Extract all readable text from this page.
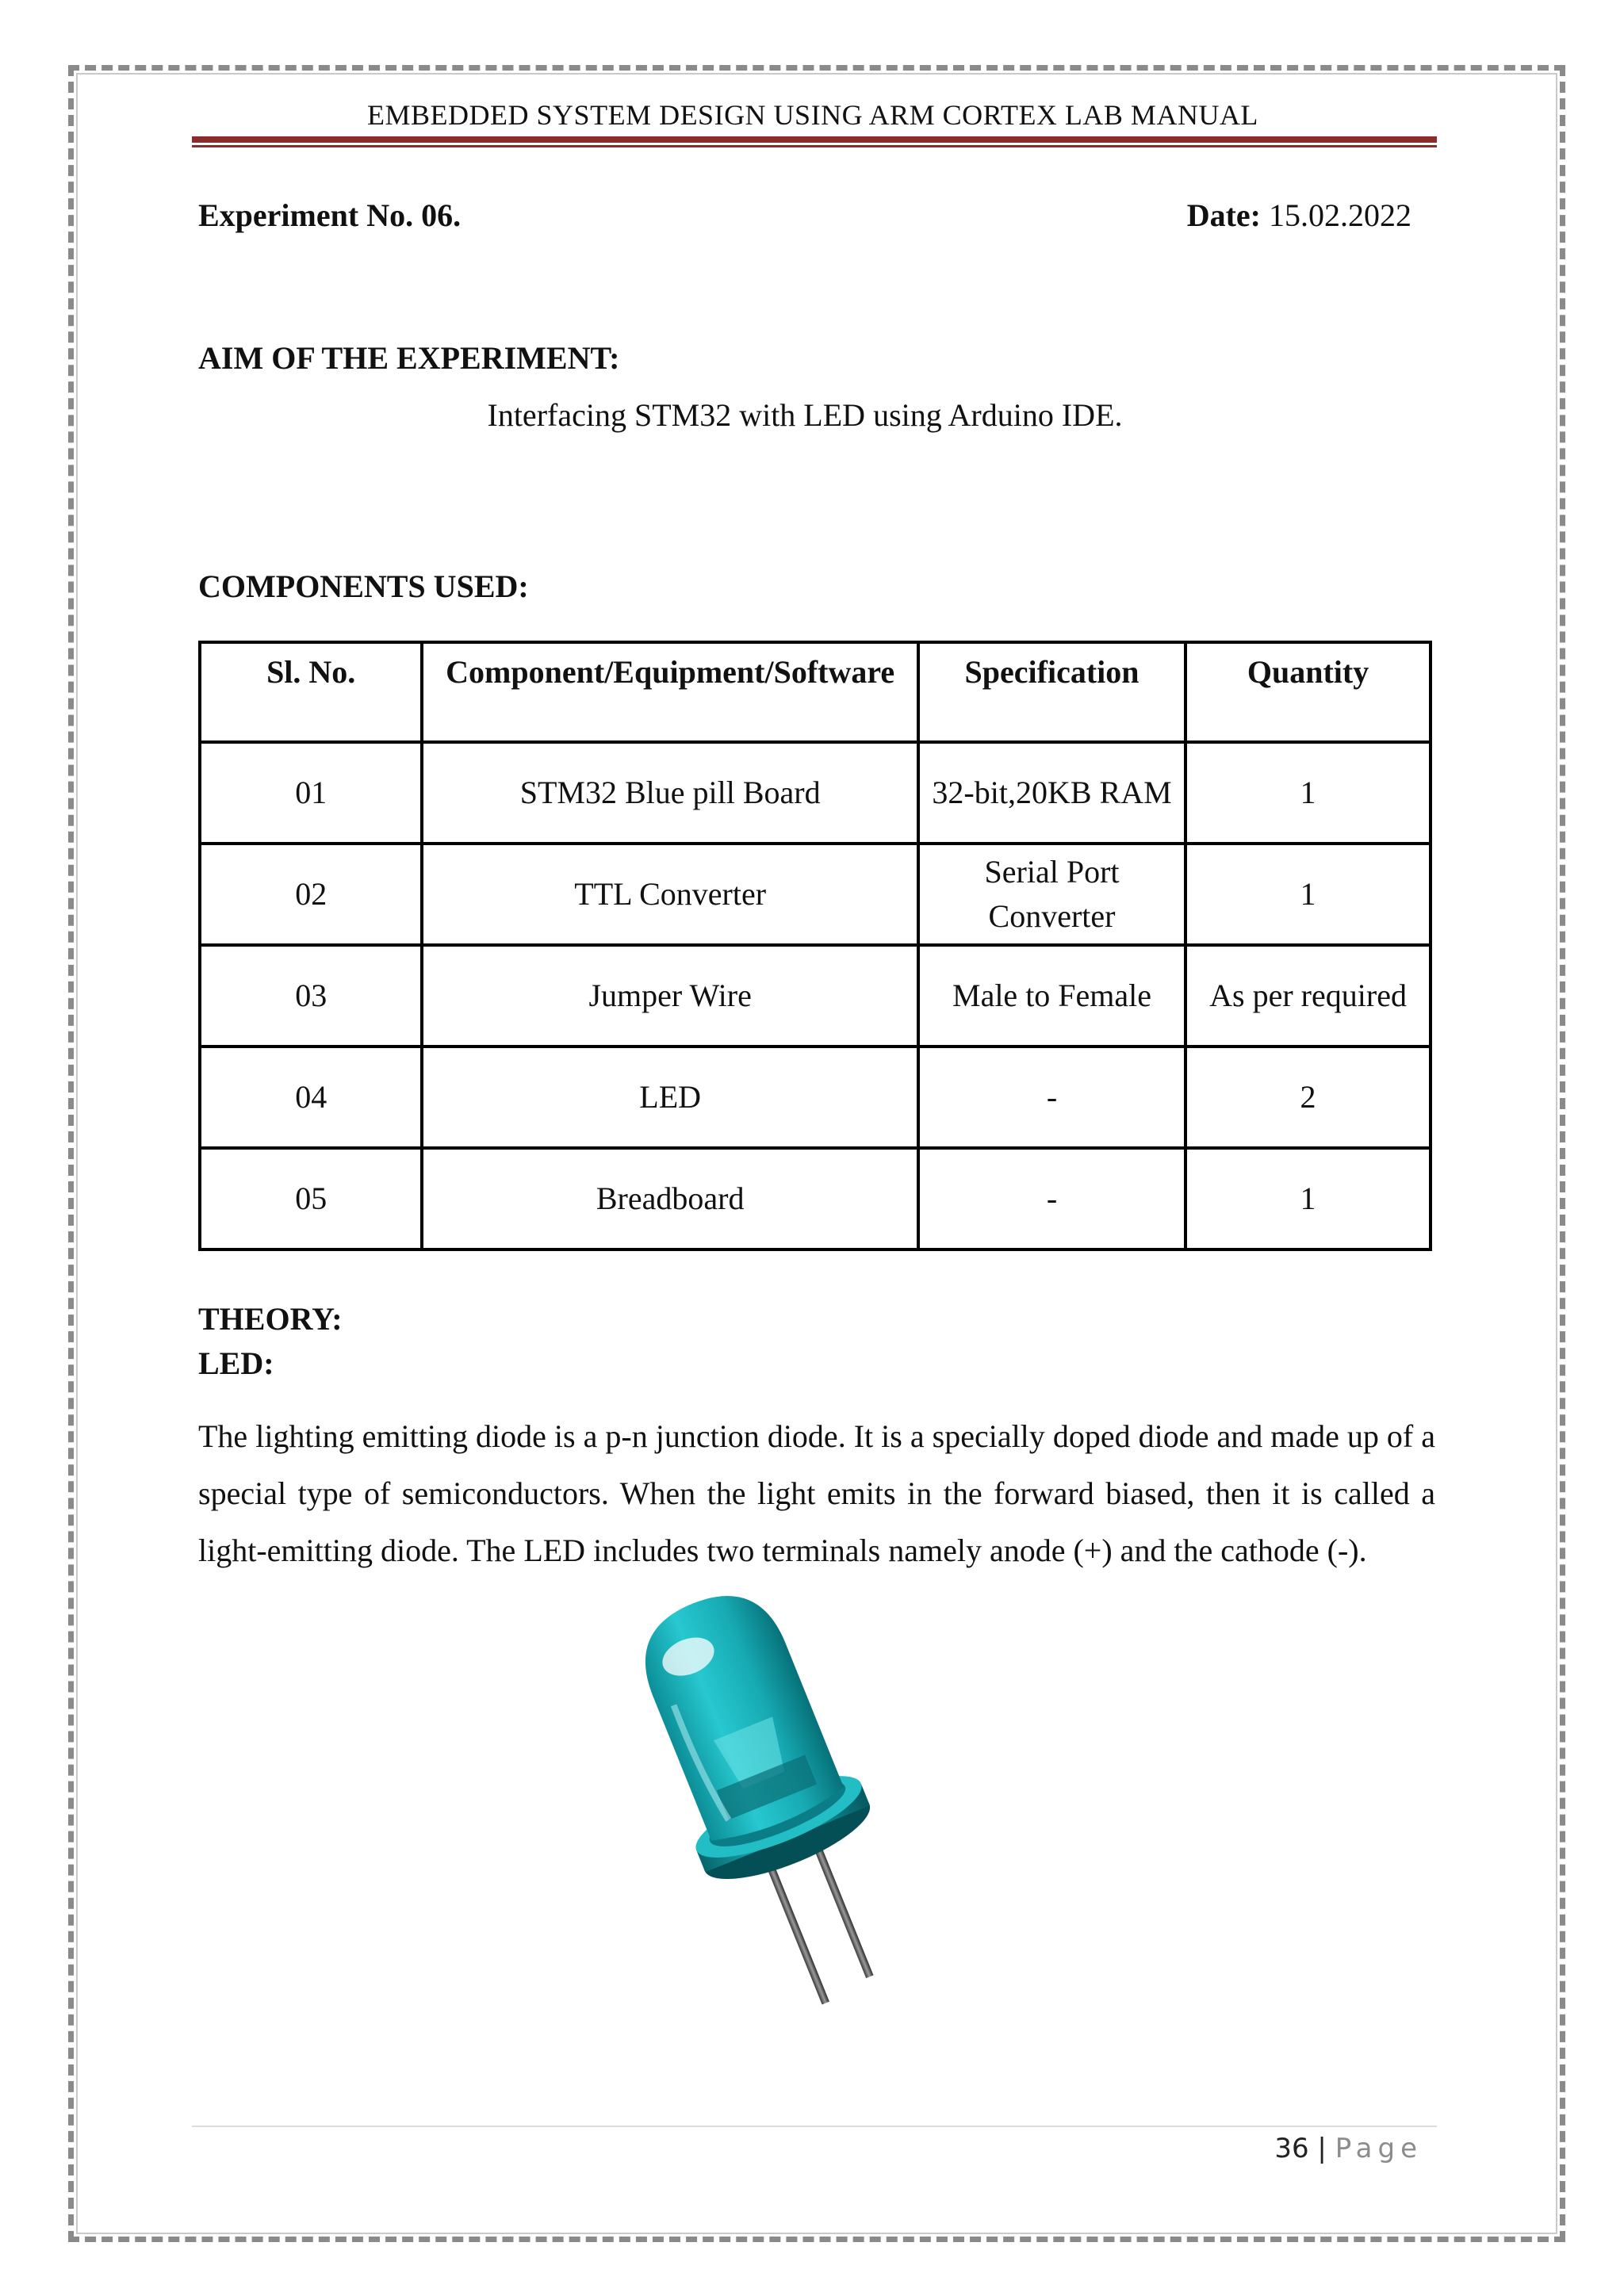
EMBEDDED SYSTEM DESIGN USING ARM CORTEX LAB MANUAL
Experiment No. 06.	Date: 15.02.2022
AIM OF THE EXPERIMENT:
Interfacing STM32 with LED using Arduino IDE.
COMPONENTS USED:
Sl. No.	Component/Equipment/Software	Specification	Quantity
01	STM32 Blue pill Board	32-bit,20KB RAM	1
02	TTL Converter	Serial Port Converter	1
03	Jumper Wire	Male to Female	As per required
04	LED	-	2
05	Breadboard	-	1
THEORY:
LED:
The lighting emitting diode is a p-n junction diode. It is a specially doped diode and made up of a special type of semiconductors. When the light emits in the forward biased, then it is called a light-emitting diode. The LED includes two terminals namely anode (+) and the cathode (-).
36 | Page
